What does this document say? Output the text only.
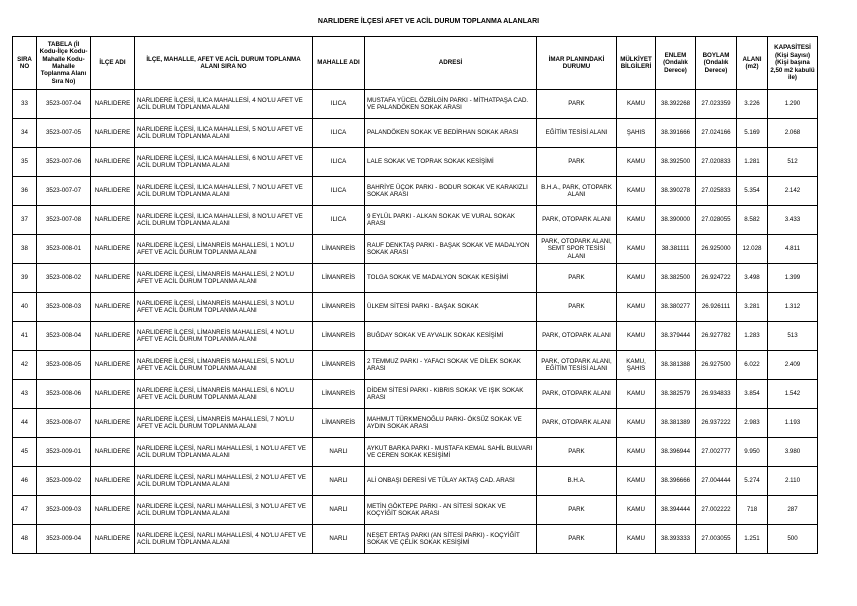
NARLIDERE İLÇESİ AFET VE ACİL DURUM TOPLANMA ALANLARI
SIRA NO	TABELA (İl Kodu-İlçe Kodu-Mahalle Kodu-Mahalle Toplanma Alanı Sıra No)	İLÇE ADI	İLÇE, MAHALLE, AFET VE ACİL DURUM TOPLANMA ALANI SIRA NO	MAHALLE ADI	ADRESİ	İMAR PLANINDAKİ DURUMU	MÜLKİYET BİLGİLERİ	ENLEM (Ondalık Derece)	BOYLAM (Ondalık Derece)	ALANI (m2)	KAPASİTESİ (Kişi Sayısı) (Kişi başına 2,50 m2 kabulü ile)
33	3523-007-04	NARLIDERE	NARLIDERE İLÇESİ, ILICA MAHALLESİ, 4 NO'LU AFET VE ACİL DURUM TOPLANMA ALANI	ILICA	MUSTAFA YÜCEL ÖZBİLGİN PARKI - MİTHATPAŞA CAD. VE PALANDÖKEN SOKAK ARASI	PARK	KAMU	38.392268	27.023359	3.226	1.290
34	3523-007-05	NARLIDERE	NARLIDERE İLÇESİ, ILICA MAHALLESİ, 5 NO'LU AFET VE ACİL DURUM TOPLANMA ALANI	ILICA	PALANDÖKEN SOKAK VE BEDİRHAN SOKAK ARASI	EĞİTİM TESİSİ ALANI	ŞAHIS	38.391666	27.024166	5.169	2.068
35	3523-007-06	NARLIDERE	NARLIDERE İLÇESİ, ILICA MAHALLESİ, 6 NO'LU AFET VE ACİL DURUM TOPLANMA ALANI	ILICA	LALE SOKAK VE TOPRAK SOKAK KESİŞİMİ	PARK	KAMU	38.392500	27.020833	1.281	512
36	3523-007-07	NARLIDERE	NARLIDERE İLÇESİ, ILICA MAHALLESİ, 7 NO'LU AFET VE ACİL DURUM TOPLANMA ALANI	ILICA	BAHRİYE ÜÇOK PARKI - BODUR SOKAK VE KARAKIZLI SOKAK ARASI	B.H.A., PARK, OTOPARK ALANI	KAMU	38.390278	27.025833	5.354	2.142
37	3523-007-08	NARLIDERE	NARLIDERE İLÇESİ, ILICA MAHALLESİ, 8 NO'LU AFET VE ACİL DURUM TOPLANMA ALANI	ILICA	9 EYLÜL PARKI - ALKAN SOKAK VE VURAL SOKAK ARASI	PARK, OTOPARK ALANI	KAMU	38.390000	27.028055	8.582	3.433
38	3523-008-01	NARLIDERE	NARLIDERE İLÇESİ, LİMANREİS MAHALLESİ, 1 NO'LU AFET VE ACİL DURUM TOPLANMA ALANI	LİMANREİS	RAUF DENKTAŞ PARKI - BAŞAK SOKAK VE MADALYON SOKAK ARASI	PARK, OTOPARK ALANI, SEMT SPOR TESİSİ ALANI	KAMU	38.381111	26.925000	12.028	4.811
39	3523-008-02	NARLIDERE	NARLIDERE İLÇESİ, LİMANREİS MAHALLESİ, 2 NO'LU AFET VE ACİL DURUM TOPLANMA ALANI	LİMANREİS	TOLGA SOKAK VE MADALYON SOKAK KESİŞİMİ	PARK	KAMU	38.382500	26.924722	3.498	1.399
40	3523-008-03	NARLIDERE	NARLIDERE İLÇESİ, LİMANREİS MAHALLESİ, 3 NO'LU AFET VE ACİL DURUM TOPLANMA ALANI	LİMANREİS	ÜLKEM SİTESİ PARKI - BAŞAK SOKAK	PARK	KAMU	38.380277	26.926111	3.281	1.312
41	3523-008-04	NARLIDERE	NARLIDERE İLÇESİ, LİMANREİS MAHALLESİ, 4 NO'LU AFET VE ACİL DURUM TOPLANMA ALANI	LİMANREİS	BUĞDAY SOKAK VE AYVALIK SOKAK KESİŞİMİ	PARK, OTOPARK ALANI	KAMU	38.379444	26.927782	1.283	513
42	3523-008-05	NARLIDERE	NARLIDERE İLÇESİ, LİMANREİS MAHALLESİ, 5 NO'LU AFET VE ACİL DURUM TOPLANMA ALANI	LİMANREİS	2 TEMMUZ PARKI - YAFACI SOKAK VE DİLEK SOKAK ARASI	PARK, OTOPARK ALANI, EĞİTİM TESİSİ ALANI	KAMU, ŞAHIS	38.381388	26.927500	6.022	2.409
43	3523-008-06	NARLIDERE	NARLIDERE İLÇESİ, LİMANREİS MAHALLESİ, 6 NO'LU AFET VE ACİL DURUM TOPLANMA ALANI	LİMANREİS	DİDEM SİTESİ PARKI - KIBRIS SOKAK VE IŞIK SOKAK ARASI	PARK, OTOPARK ALANI	KAMU	38.382579	26.934833	3.854	1.542
44	3523-008-07	NARLIDERE	NARLIDERE İLÇESİ, LİMANREİS MAHALLESİ, 7 NO'LU AFET VE ACİL DURUM TOPLANMA ALANI	LİMANREİS	MAHMUT TÜRKMENOĞLU PARKI- ÖKSÜZ SOKAK VE AYDIN SOKAK ARASI	PARK, OTOPARK ALANI	KAMU	38.381389	26.937222	2.983	1.193
45	3523-009-01	NARLIDERE	NARLIDERE İLÇESİ, NARLI MAHALLESİ, 1 NO'LU AFET VE ACİL DURUM TOPLANMA ALANI	NARLI	AYKUT BARKA PARKI - MUSTAFA KEMAL SAHİL BULVARI VE CEREN SOKAK KESİŞİMİ	PARK	KAMU	38.396944	27.002777	9.950	3.980
46	3523-009-02	NARLIDERE	NARLIDERE İLÇESİ, NARLI MAHALLESİ, 2 NO'LU AFET VE ACİL DURUM TOPLANMA ALANI	NARLI	ALİ ONBAŞI DERESİ VE TÜLAY AKTAŞ CAD. ARASI	B.H.A.	KAMU	38.396666	27.004444	5.274	2.110
47	3523-009-03	NARLIDERE	NARLIDERE İLÇESİ, NARLI MAHALLESİ, 3 NO'LU AFET VE ACİL DURUM TOPLANMA ALANI	NARLI	METİN GÖKTEPE PARKI - AN SİTESİ SOKAK VE KOÇYİĞİT SOKAK ARASI	PARK	KAMU	38.394444	27.002222	718	287
48	3523-009-04	NARLIDERE	NARLIDERE İLÇESİ, NARLI MAHALLESİ, 4 NO'LU AFET VE ACİL DURUM TOPLANMA ALANI	NARLI	NEŞET ERTAŞ PARKI (AN SİTESİ PARKI) - KOÇYİĞİT SOKAK VE ÇELİK SOKAK KESİŞİMİ	PARK	KAMU	38.393333	27.003055	1.251	500
